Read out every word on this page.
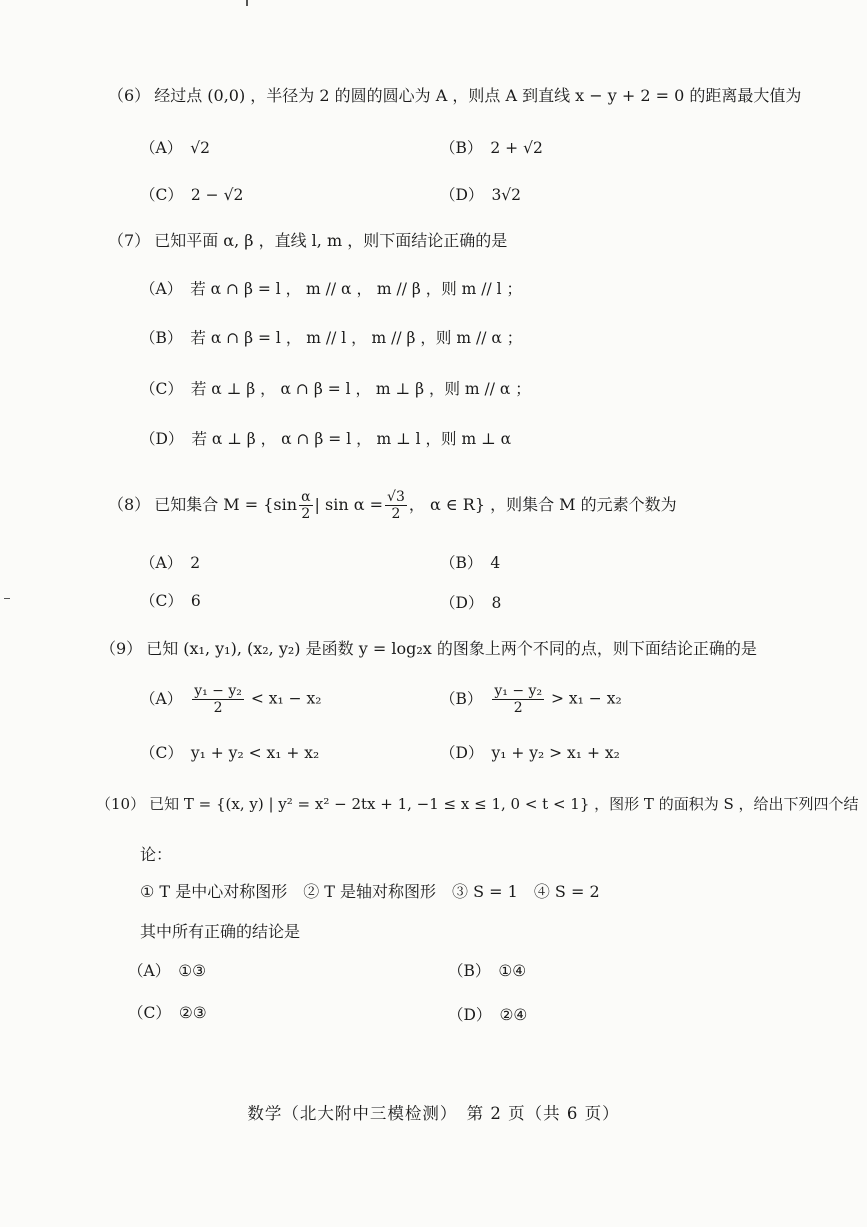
（6） 经过点 (0,0) ，半径为 2 的圆的圆心为 A ，则点 A 到直线 x − y + 2 = 0 的距离最大值为
（A） √2	（B） 2 + √2
（C） 2 − √2	（D） 3√2
（7） 已知平面 α, β ，直线 l, m ，则下面结论正确的是
（A） 若 α ∩ β = l ， m // α ， m // β ，则 m // l ；
（B） 若 α ∩ β = l ， m // l ， m // β ，则 m // α ；
（C） 若 α ⊥ β ， α ∩ β = l ， m ⊥ β ，则 m // α ；
（D） 若 α ⊥ β ， α ∩ β = l ， m ⊥ l ，则 m ⊥ α
（8） 已知集合 $M = \{\sin \frac{\alpha}{2}$ | $\sin \alpha = \frac{√3}{2}$ ， α ∈ R} ，则集合 M 的元素个数为
（A） 2	（B） 4
（C） 6	（D） 8
（9） 已知 (x₁, y₁), (x₂, y₂) 是函数 y = log₂x 的图象上两个不同的点，则下面结论正确的是
$(A) \frac{\text{y₁ − y₂}}{2} < x_1 - x_2$	$(B) \frac{\text{y₁ − y₂}}{2} > x_1 - x_2$
（C） y₁ + y₂ < x₁ + x₂	（D） y₁ + y₂ > x₁ + x₂
（10） 已知 T = {(x, y) | y² = x² − 2tx + 1, −1 ≤ x ≤ 1, 0 < t < 1} ，图形 T 的面积为 S ，给出下列四个结
论：
① T 是中心对称图形　② T 是轴对称图形　③ S = 1　④ S = 2
其中所有正确的结论是
（A） ①③	（B） ①④
（C） ②③	（D） ②④
数学（北大附中三模检测）　第 2 页（共 6 页）
